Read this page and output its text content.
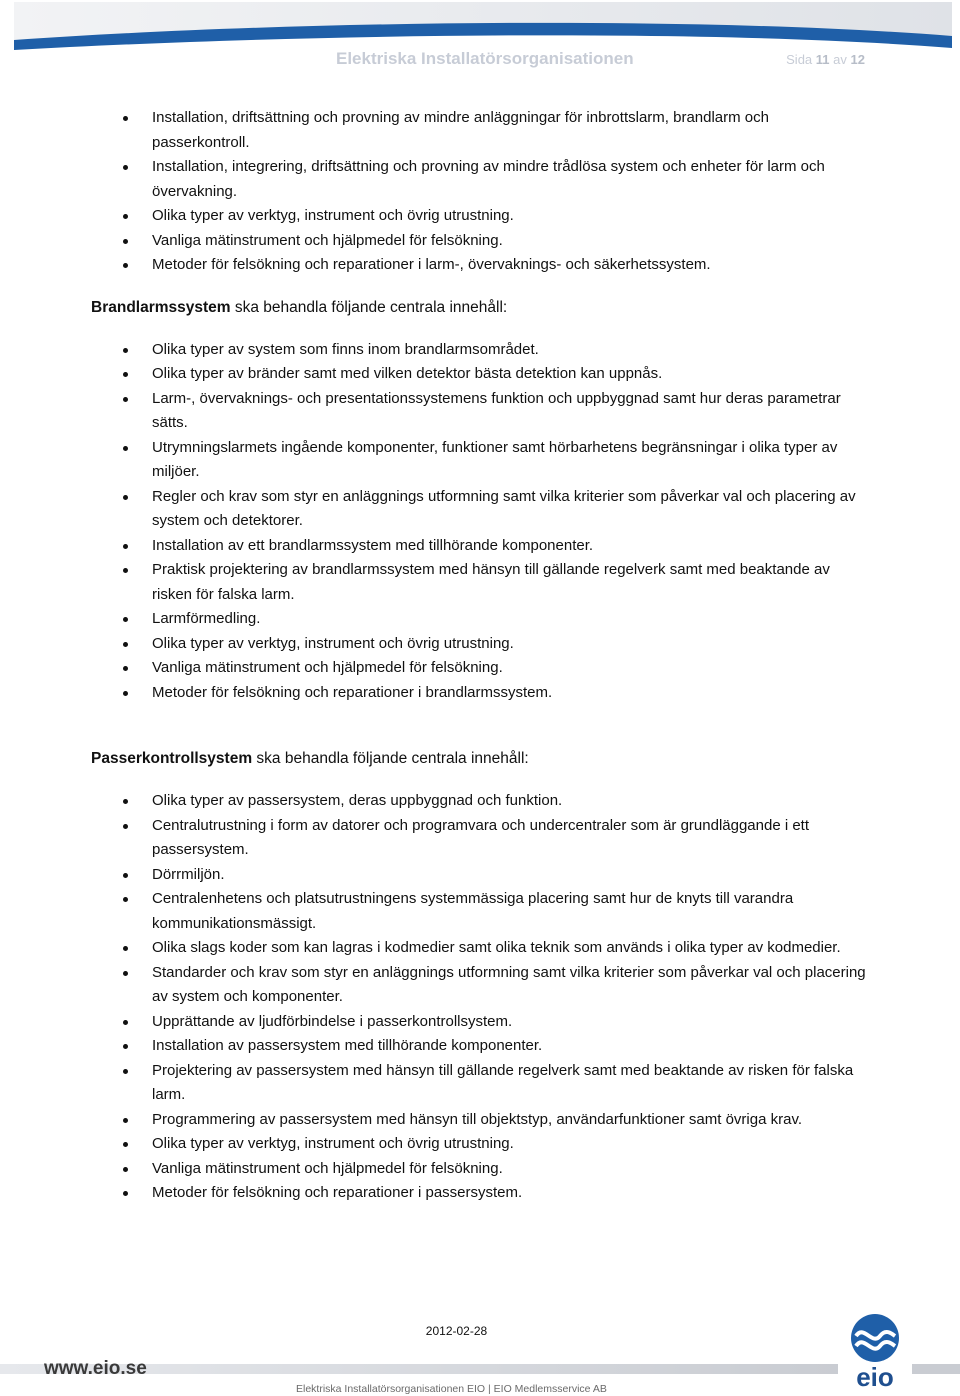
Elektriska Installatörsorganisationen	Sida 11 av 12
Installation, driftsättning och provning av mindre anläggningar för inbrottslarm, brandlarm och passerkontroll.
Installation, integrering, driftsättning och provning av mindre trådlösa system och enheter för larm och övervakning.
Olika typer av verktyg, instrument och övrig utrustning.
Vanliga mätinstrument och hjälpmedel för felsökning.
Metoder för felsökning och reparationer i larm-, övervaknings- och säkerhetssystem.
Brandlarmssystem ska behandla följande centrala innehåll:
Olika typer av system som finns inom brandlarmsområdet.
Olika typer av bränder samt med vilken detektor bästa detektion kan uppnås.
Larm-, övervaknings- och presentationssystemens funktion och uppbyggnad samt hur deras parametrar sätts.
Utrymningslarmets ingående komponenter, funktioner samt hörbarhetens begränsningar i olika typer av miljöer.
Regler och krav som styr en anläggnings utformning samt vilka kriterier som påverkar val och placering av system och detektorer.
Installation av ett brandlarmssystem med tillhörande komponenter.
Praktisk projektering av brandlarmssystem med hänsyn till gällande regelverk samt med beaktande av risken för falska larm.
Larmförmedling.
Olika typer av verktyg, instrument och övrig utrustning.
Vanliga mätinstrument och hjälpmedel för felsökning.
Metoder för felsökning och reparationer i brandlarmssystem.
Passerkontrollsystem ska behandla följande centrala innehåll:
Olika typer av passersystem, deras uppbyggnad och funktion.
Centralutrustning i form av datorer och programvara och undercentraler som är grundläggande i ett passersystem.
Dörrmiljön.
Centralenhetens och platsutrustningens systemmässiga placering samt hur de knyts till varandra kommunikationsmässigt.
Olika slags koder som kan lagras i kodmedier samt olika teknik som används i olika typer av kodmedier.
Standarder och krav som styr en anläggnings utformning samt vilka kriterier som påverkar val och placering av system och komponenter.
Upprättande av ljudförbindelse i passerkontrollsystem.
Installation av passersystem med tillhörande komponenter.
Projektering av passersystem med hänsyn till gällande regelverk samt med beaktande av risken för falska larm.
Programmering av passersystem med hänsyn till objektstyp, användarfunktioner samt övriga krav.
Olika typer av verktyg, instrument och övrig utrustning.
Vanliga mätinstrument och hjälpmedel för felsökning.
Metoder för felsökning och reparationer i passersystem.
2012-02-28
eio
www.eio.se
Elektriska Installatörsorganisationen EIO | EIO Medlemsservice AB
